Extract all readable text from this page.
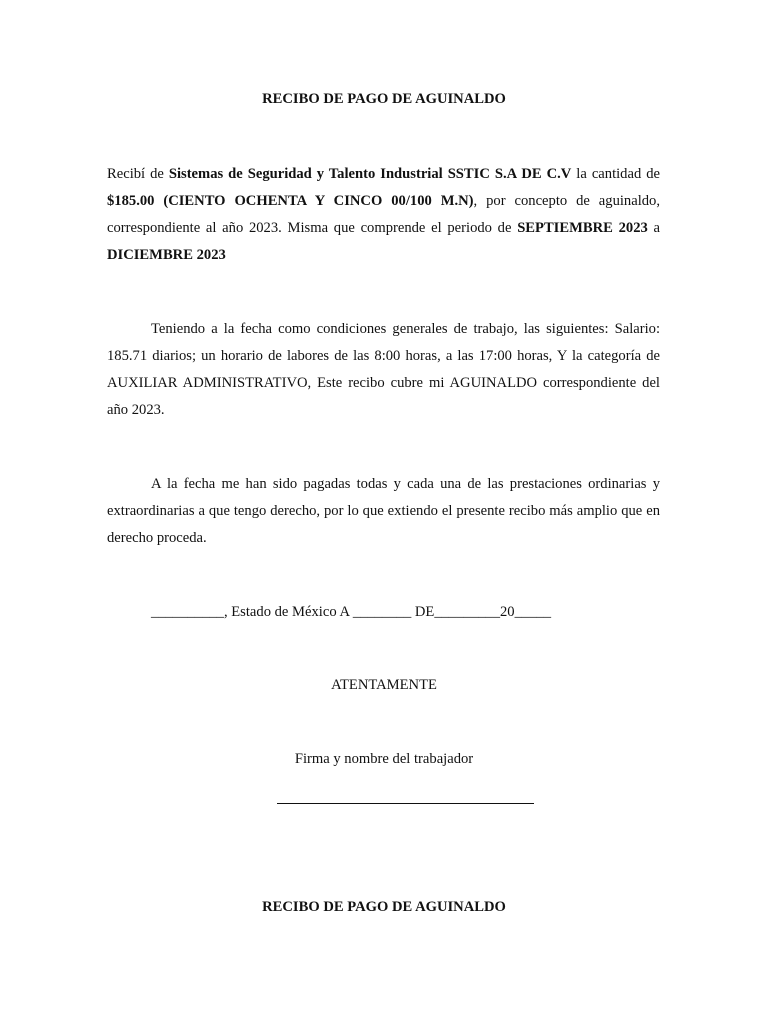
RECIBO DE PAGO DE AGUINALDO
Recibí de Sistemas de Seguridad y Talento Industrial SSTIC S.A DE C.V la cantidad de $185.00 (CIENTO OCHENTA Y CINCO 00/100 M.N), por concepto de aguinaldo, correspondiente al año 2023. Misma que comprende el periodo de SEPTIEMBRE 2023 a DICIEMBRE 2023
Teniendo a la fecha como condiciones generales de trabajo, las siguientes: Salario: 185.71 diarios; un horario de labores de las 8:00 horas, a las 17:00 horas, Y la categoría de AUXILIAR ADMINISTRATIVO, Este recibo cubre mi AGUINALDO correspondiente del año 2023.
A la fecha me han sido pagadas todas y cada una de las prestaciones ordinarias y extraordinarias a que tengo derecho, por lo que extiendo el presente recibo más amplio que en derecho proceda.
__________, Estado de México A ________ DE_________20_____
ATENTAMENTE
Firma y nombre del trabajador
RECIBO DE PAGO DE AGUINALDO
